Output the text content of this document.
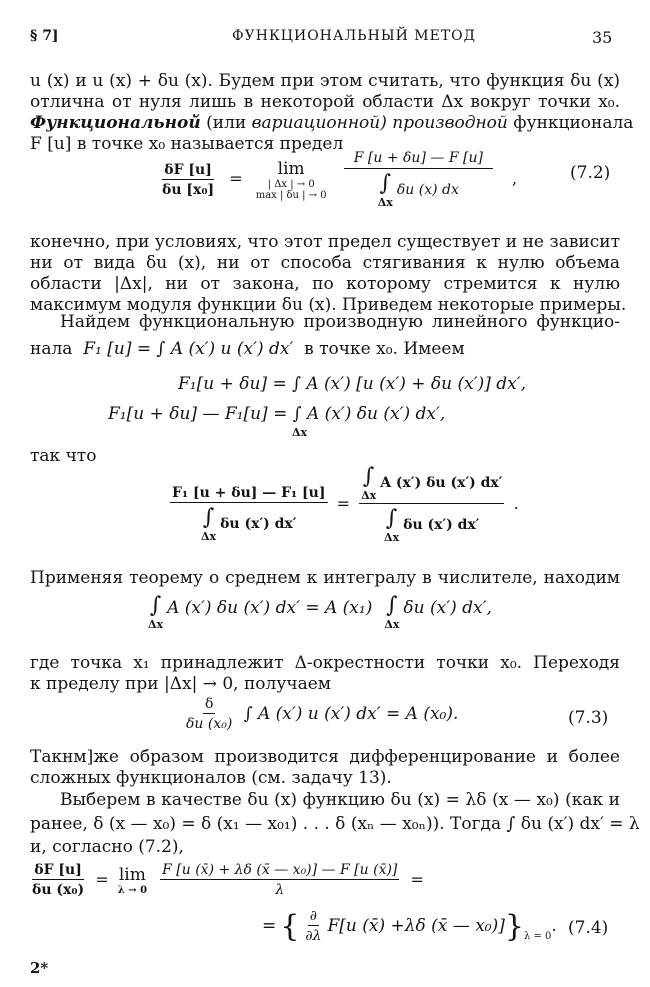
§ 7]	ФУНКЦИОНАЛЬНЫЙ МЕТОД	35
u (x) и u (x) + δu (x). Будем при этом считать, что функция δu (x)
отлична от нуля лишь в некоторой области Δx вокруг точки x₀.
Функциональной (или вариационной) производной функционала
F [u] в точке x₀ называется предел
$\frac{\delta F [u]}{\text{δu [x₀]}} = \lim$
| Δx | → 0
max | δu | → 0
F [u + δu] — F [u]
∫
Δx
δu (x) dx ,	(7.2)
конечно, при условиях, что этот предел существует и не зависит
ни от вида δu (x), ни от способа стягивания к нулю объема
области |Δx|, ни от закона, по которому стремится к нулю
максимум модуля функции δu (x). Приведем некоторые примеры.
Найдем функциональную производную линейного функцио-
нала F₁ [u] = ∫ A (x′) u (x′) dx′ в точке x₀. Имеем
F₁[u + δu] = ∫ A (x′) [u (x′) + δu (x′)] dx′,
F₁[u + δu] — F₁[u] = ∫ A (x′) δu (x′) dx′,
Δx
так что
F₁ [u + δu] — F₁ [u]
∫
Δx
δu (x′) dx′ = ∫
Δx
A (x′) δu (x′) dx′
∫
Δx
δu (x′) dx′ .
Применяя теорему о среднем к интегралу в числителе, находим
∫
Δx
A (x′) δu (x′) dx′ = A (x₁) ∫
Δx
δu (x′) dx′,
где точка x₁ принадлежит Δ-окрестности точки x₀. Переходя
к пределу при |Δx| → 0, получаем
$\frac{\delta}{\text{δu (x₀)}}$ ∫ A (x′) u (x′) dx′ = A (x₀).	(7.3)
Такнм]же образом производится дифференцирование и более
сложных функционалов (см. задачу 13).
Выберем в качестве δu (x) функцию δu (x) = λδ (x — x₀) (как и
ранее, δ (x — x₀) = δ (x₁ — x₀₁) . . . δ (xₙ — x₀ₙ)). Тогда ∫ δu (x′) dx′ = λ
и, согласно (7.2),
$\frac{\delta F [u]}{\text{δu (x₀)}} = \lim$
λ → 0
$\frac{\text{F [u (x̄) + λδ (x̄ — x₀)] — F [u (x̄)]}}{\lambda}$ =
= { $\frac{\partial}{\partial\lambda} F[u$ (x̄) +λδ (x̄ — x₀)] } λ = 0
. (7.4)
2*
